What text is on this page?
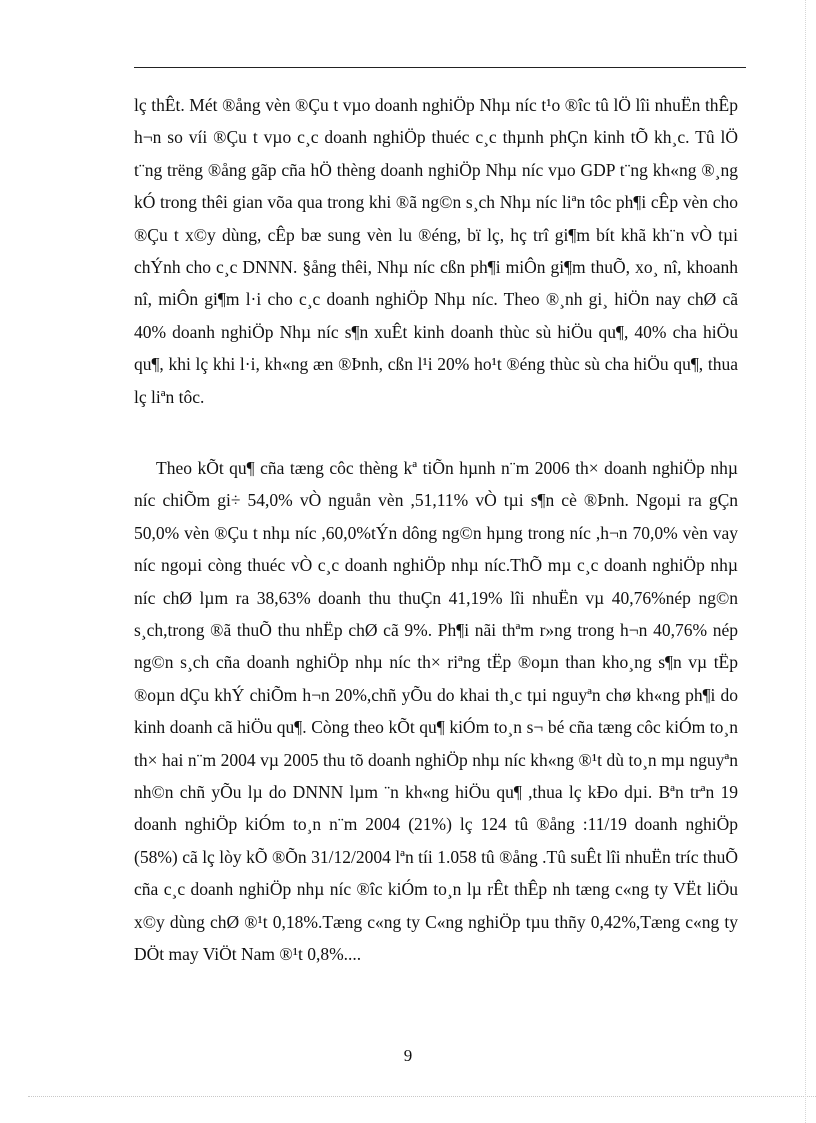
lç thÊt. Mét ®ång vèn ®Çu t vµo doanh nghiÖp Nhµ níc t¹o ®îc tû lÖ lîi nhuËn thÊp h¬n so víi ®Çu t vµo c¸c doanh nghiÖp thuéc c¸c thµnh phÇn kinh tÕ kh¸c. Tû lÖ t¨ng trëng ®ång gãp cña hÖ thèng doanh nghiÖp Nhµ níc vµo GDP t¨ng kh«ng ®¸ng kÓ trong thêi gian võa qua trong khi ®ã ng©n s¸ch Nhµ níc liªn tôc ph¶i cÊp vèn cho ®Çu t x©y dùng, cÊp bæ sung vèn lu ®éng, bï lç, hç trî gi¶m bít khã kh¨n vÒ tµi chÝnh cho c¸c DNNN. §ång thêi, Nhµ níc cßn ph¶i miÔn gi¶m thuÕ, xo¸ nî, khoanh nî, miÔn gi¶m l·i cho c¸c doanh nghiÖp Nhµ níc. Theo ®¸nh gi¸ hiÖn nay chØ cã 40% doanh nghiÖp Nhµ níc s¶n xuÊt kinh doanh thùc sù hiÖu qu¶, 40% cha hiÖu qu¶, khi lç khi l·i, kh«ng æn ®Þnh, cßn l¹i 20% ho¹t ®éng thùc sù cha hiÖu qu¶, thua lç liªn tôc.

Theo kÕt qu¶ cña tæng côc thèng kª tiÕn hµnh n¨m 2006 th× doanh nghiÖp nhµ níc chiÕm gi÷ 54,0% vÒ nguån vèn ,51,11% vÒ tµi s¶n cè ®Þnh. Ngoµi ra gÇn 50,0% vèn ®Çu t nhµ níc ,60,0%tÝn dông ng©n hµng trong níc ,h¬n 70,0% vèn vay níc ngoµi còng thuéc vÒ c¸c doanh nghiÖp nhµ níc.ThÕ mµ c¸c doanh nghiÖp nhµ níc chØ lµm ra 38,63% doanh thu thuÇn 41,19% lîi nhuËn vµ 40,76%nép ng©n s¸ch,trong ®ã thuÕ thu nhËp chØ cã 9%. Ph¶i nãi thªm r»ng trong h¬n 40,76% nép ng©n s¸ch cña doanh nghiÖp nhµ níc th× riªng tËp ®oµn than kho¸ng s¶n vµ tËp ®oµn dÇu khÝ chiÕm h¬n 20%,chñ yÕu do khai th¸c tµi nguyªn chø kh«ng ph¶i do kinh doanh cã hiÖu qu¶. Còng theo kÕt qu¶ kiÓm to¸n s¬ bé cña tæng côc kiÓm to¸n th× hai n¨m 2004 vµ 2005 thu tõ doanh nghiÖp nhµ níc kh«ng ®¹t dù to¸n mµ nguyªn nh©n chñ yÕu lµ do DNNN lµm ¨n kh«ng hiÖu qu¶ ,thua lç kÐo dµi. Bªn trªn 19 doanh nghiÖp kiÓm to¸n n¨m 2004 (21%) lç 124 tû ®ång :11/19 doanh nghiÖp (58%) cã lç lòy kÕ ®Õn 31/12/2004 lªn tíi 1.058 tû ®ång .Tû suÊt lîi nhuËn tríc thuÕ cña c¸c doanh nghiÖp nhµ níc ®îc kiÓm to¸n lµ rÊt thÊp nh tæng c«ng ty VËt liÖu x©y dùng chØ ®¹t 0,18%.Tæng c«ng ty C«ng nghiÖp tµu thñy 0,42%,Tæng c«ng ty DÖt may ViÖt Nam ®¹t 0,8%....

9
